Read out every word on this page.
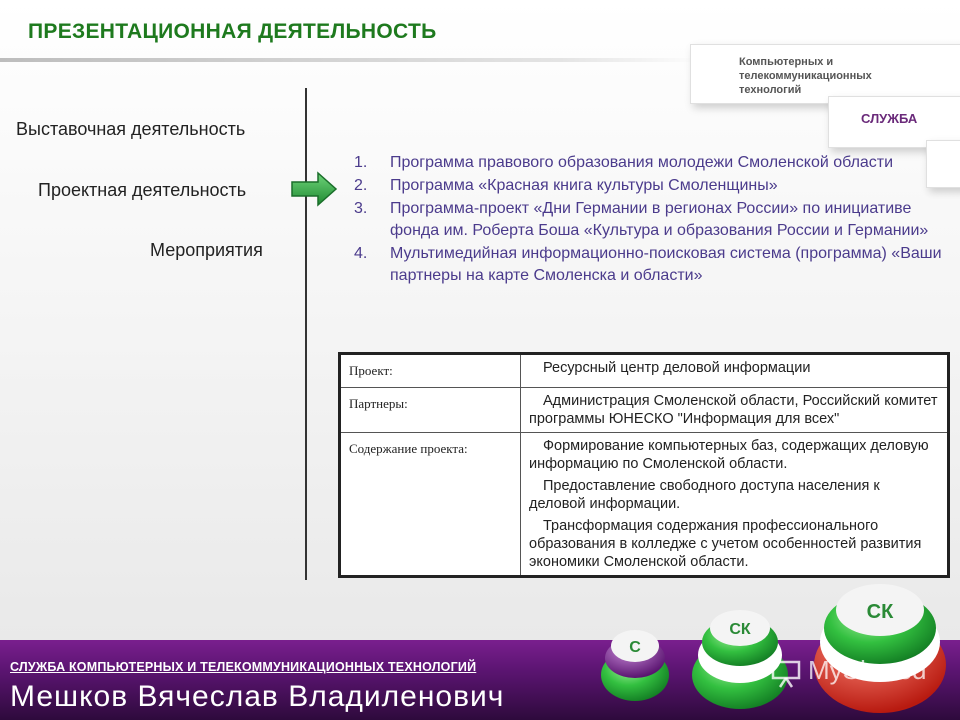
ПРЕЗЕНТАЦИОННАЯ ДЕЯТЕЛЬНОСТЬ
Компьютерных и телекоммуникационных технологий
СЛУЖБА
Выставочная деятельность
Проектная деятельность
Мероприятия
1. Программа правового образования молодежи Смоленской области
2. Программа «Красная книга культуры Смоленщины»
3. Программа-проект «Дни Германии в регионах России» по инициативе фонда им. Роберта Боша «Культура и образования России и Германии»
4. Мультимедийная информационно-поисковая система (программа) «Ваши партнеры на карте Смоленска и области»
Проект:	Ресурсный центр деловой информации

Партнеры:	Администрация Смоленской области, Российский комитет программы ЮНЕСКО "Информация для всех"

Содержание проекта:	Формирование компьютерных баз, содержащих деловую информацию по Смоленской области.

Предоставление свободного доступа населения к деловой информации.

Трансформация содержания профессионального образования в колледже с учетом особенностей развития экономики Смоленской области.

СЛУЖБА КОМПЬЮТЕРНЫХ И ТЕЛЕКОММУНИКАЦИОННЫХ ТЕХНОЛОГИЙ
Мешков Вячеслав Владиленович
С
СК
СК
MyShared
